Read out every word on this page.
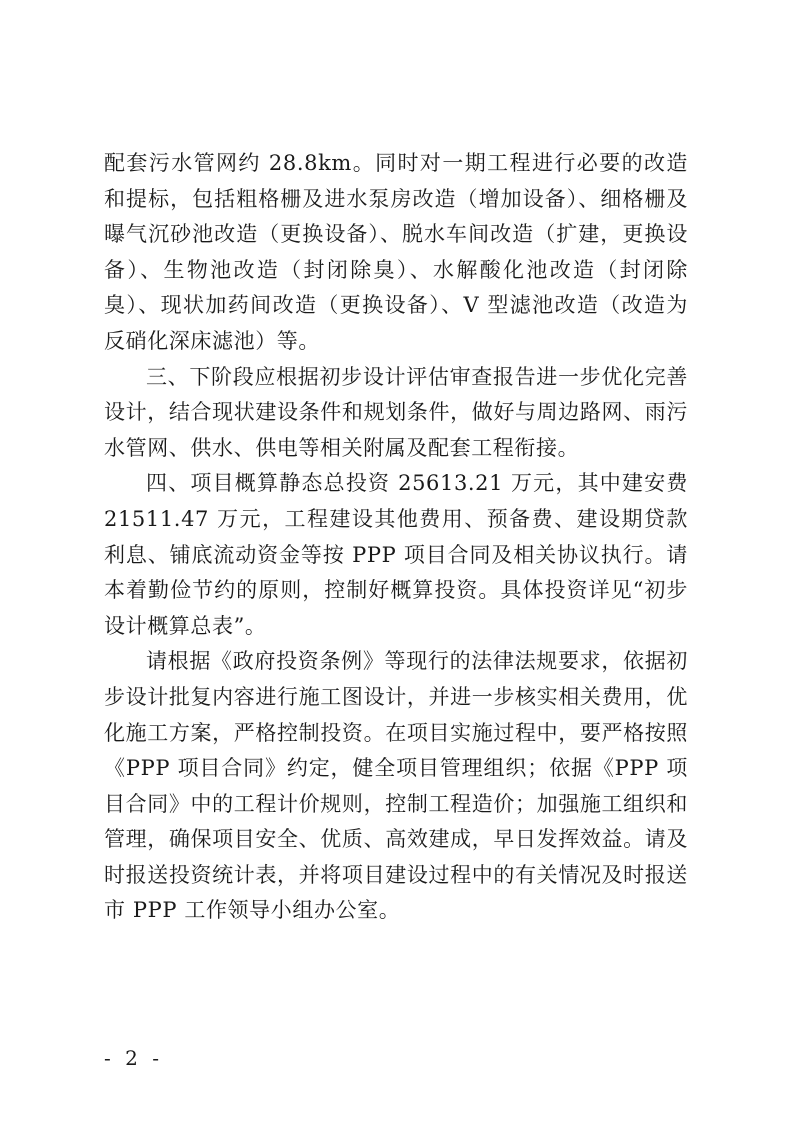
配套污水管网约 28.8km。同时对一期工程进行必要的改造和提标，包括粗格栅及进水泵房改造（增加设备）、细格栅及曝气沉砂池改造（更换设备）、脱水车间改造（扩建，更换设备）、生物池改造（封闭除臭）、水解酸化池改造（封闭除臭）、现状加药间改造（更换设备）、V 型滤池改造（改造为反硝化深床滤池）等。

三、下阶段应根据初步设计评估审查报告进一步优化完善设计，结合现状建设条件和规划条件，做好与周边路网、雨污水管网、供水、供电等相关附属及配套工程衔接。

四、项目概算静态总投资 25613.21 万元，其中建安费 21511.47 万元，工程建设其他费用、预备费、建设期贷款利息、铺底流动资金等按 PPP 项目合同及相关协议执行。请本着勤俭节约的原则，控制好概算投资。具体投资详见“初步设计概算总表”。

请根据《政府投资条例》等现行的法律法规要求，依据初步设计批复内容进行施工图设计，并进一步核实相关费用，优化施工方案，严格控制投资。在项目实施过程中，要严格按照《PPP 项目合同》约定，健全项目管理组织；依据《PPP 项目合同》中的工程计价规则，控制工程造价；加强施工组织和管理，确保项目安全、优质、高效建成，早日发挥效益。请及时报送投资统计表，并将项目建设过程中的有关情况及时报送市 PPP 工作领导小组办公室。

- 2 -
